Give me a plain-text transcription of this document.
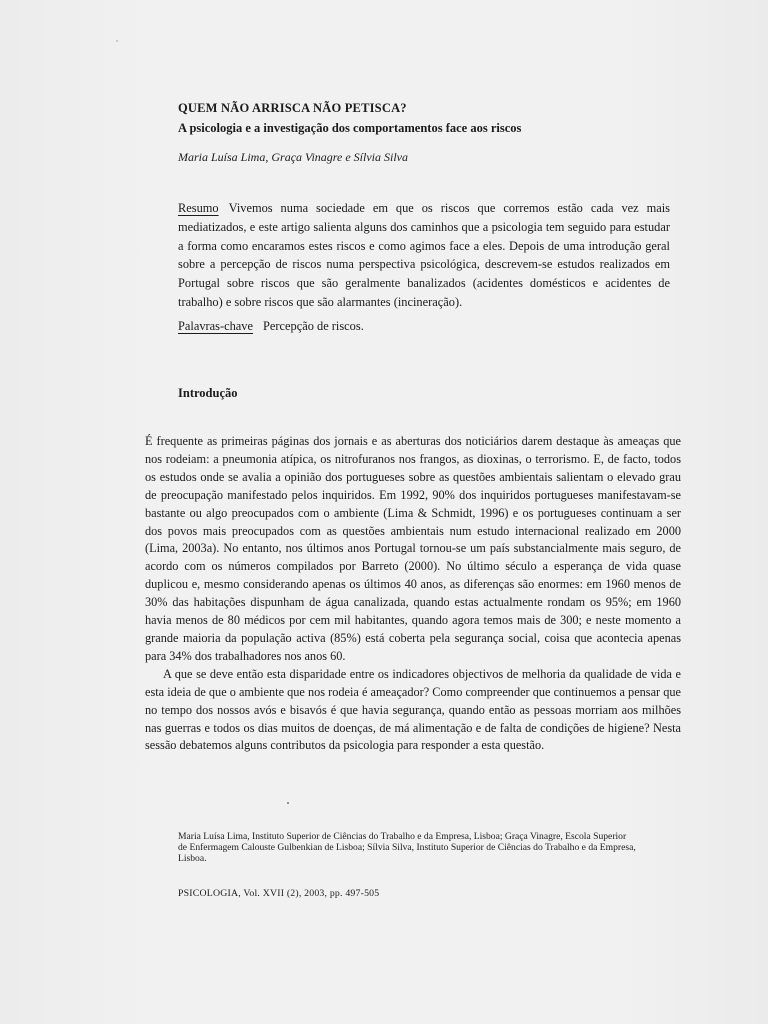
QUEM NÃO ARRISCA NÃO PETISCA?
A psicologia e a investigação dos comportamentos face aos riscos
Maria Luísa Lima, Graça Vinagre e Sílvia Silva
Resumo Vivemos numa sociedade em que os riscos que corremos estão cada vez mais mediatizados, e este artigo salienta alguns dos caminhos que a psicologia tem seguido para estudar a forma como encaramos estes riscos e como agimos face a eles. Depois de uma introdução geral sobre a percepção de riscos numa perspectiva psicológica, descrevem-se estudos realizados em Portugal sobre riscos que são geralmente banalizados (acidentes domésticos e acidentes de trabalho) e sobre riscos que são alarmantes (incineração).
Palavras-chave Percepção de riscos.
Introdução

É frequente as primeiras páginas dos jornais e as aberturas dos noticiários darem destaque às ameaças que nos rodeiam: a pneumonia atípica, os nitrofuranos nos frangos, as dioxinas, o terrorismo. E, de facto, todos os estudos onde se avalia a opinião dos portugueses sobre as questões ambientais salientam o elevado grau de preocupação manifestado pelos inquiridos. Em 1992, 90% dos inquiridos portugueses manifestavam-se bastante ou algo preocupados com o ambiente (Lima & Schmidt, 1996) e os portugueses continuam a ser dos povos mais preocupados com as questões ambientais num estudo internacional realizado em 2000 (Lima, 2003a). No entanto, nos últimos anos Portugal tornou-se um país substancialmente mais seguro, de acordo com os números compilados por Barreto (2000). No último século a esperança de vida quase duplicou e, mesmo considerando apenas os últimos 40 anos, as diferenças são enormes: em 1960 menos de 30% das habitações dispunham de água canalizada, quando estas actualmente rondam os 95%; em 1960 havia menos de 80 médicos por cem mil habitantes, quando agora temos mais de 300; e neste momento a grande maioria da população activa (85%) está coberta pela segurança social, coisa que acontecia apenas para 34% dos trabalhadores nos anos 60.

A que se deve então esta disparidade entre os indicadores objectivos de melhoria da qualidade de vida e esta ideia de que o ambiente que nos rodeia é ameaçador? Como compreender que continuemos a pensar que no tempo dos nossos avós e bisavós é que havia segurança, quando então as pessoas morriam aos milhões nas guerras e todos os dias muitos de doenças, de má alimentação e de falta de condições de higiene? Nesta sessão debatemos alguns contributos da psicologia para responder a esta questão.

Maria Luísa Lima, Instituto Superior de Ciências do Trabalho e da Empresa, Lisboa; Graça Vinagre, Escola Superior
de Enfermagem Calouste Gulbenkian de Lisboa; Sílvia Silva, Instituto Superior de Ciências do Trabalho e da Empresa,
Lisboa.
PSICOLOGIA, Vol. XVII (2), 2003, pp. 497-505
